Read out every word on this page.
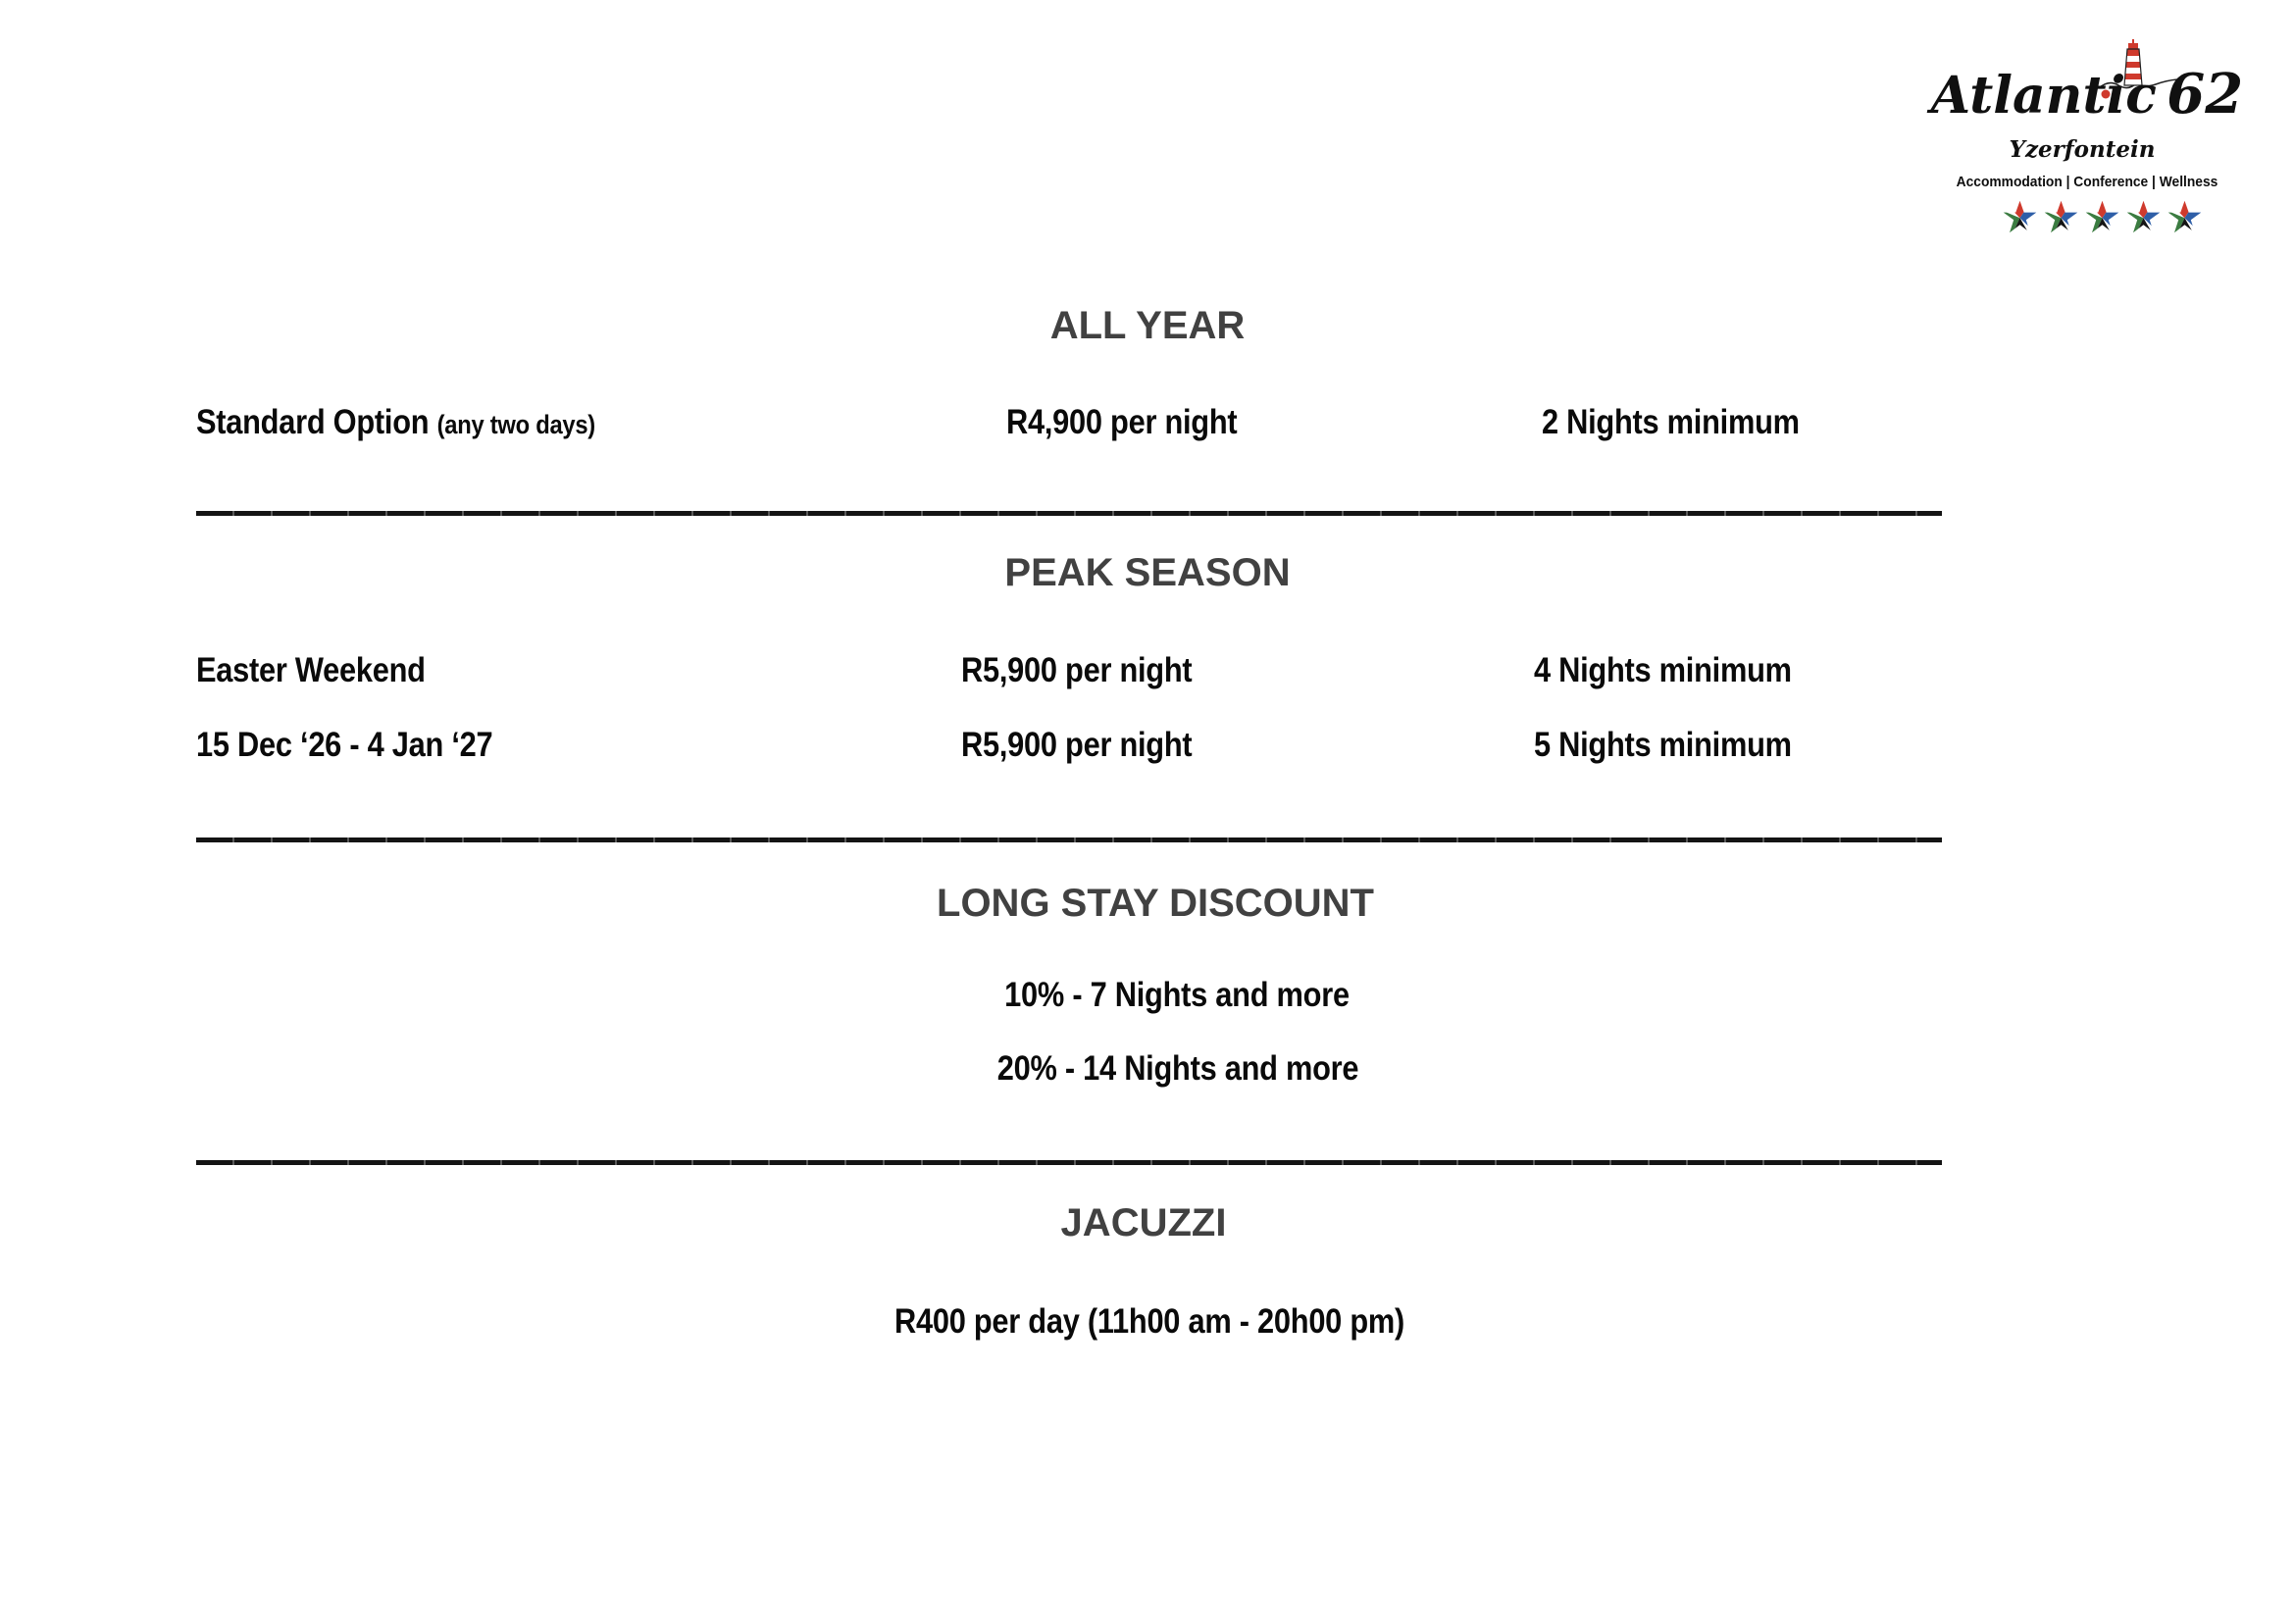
Atlantic  62
Yzerfontein
Accommodation | Conference | Wellness
ALL YEAR
Standard Option (any two days)	R4,900 per night	2 Nights minimum
PEAK SEASON
Easter Weekend	R5,900 per night	4 Nights minimum
15 Dec ‘26 - 4 Jan ‘27	R5,900 per night	5 Nights minimum
LONG STAY DISCOUNT
10% - 7 Nights and more
20% - 14 Nights and more
JACUZZI
R400 per day (11h00 am - 20h00 pm)
